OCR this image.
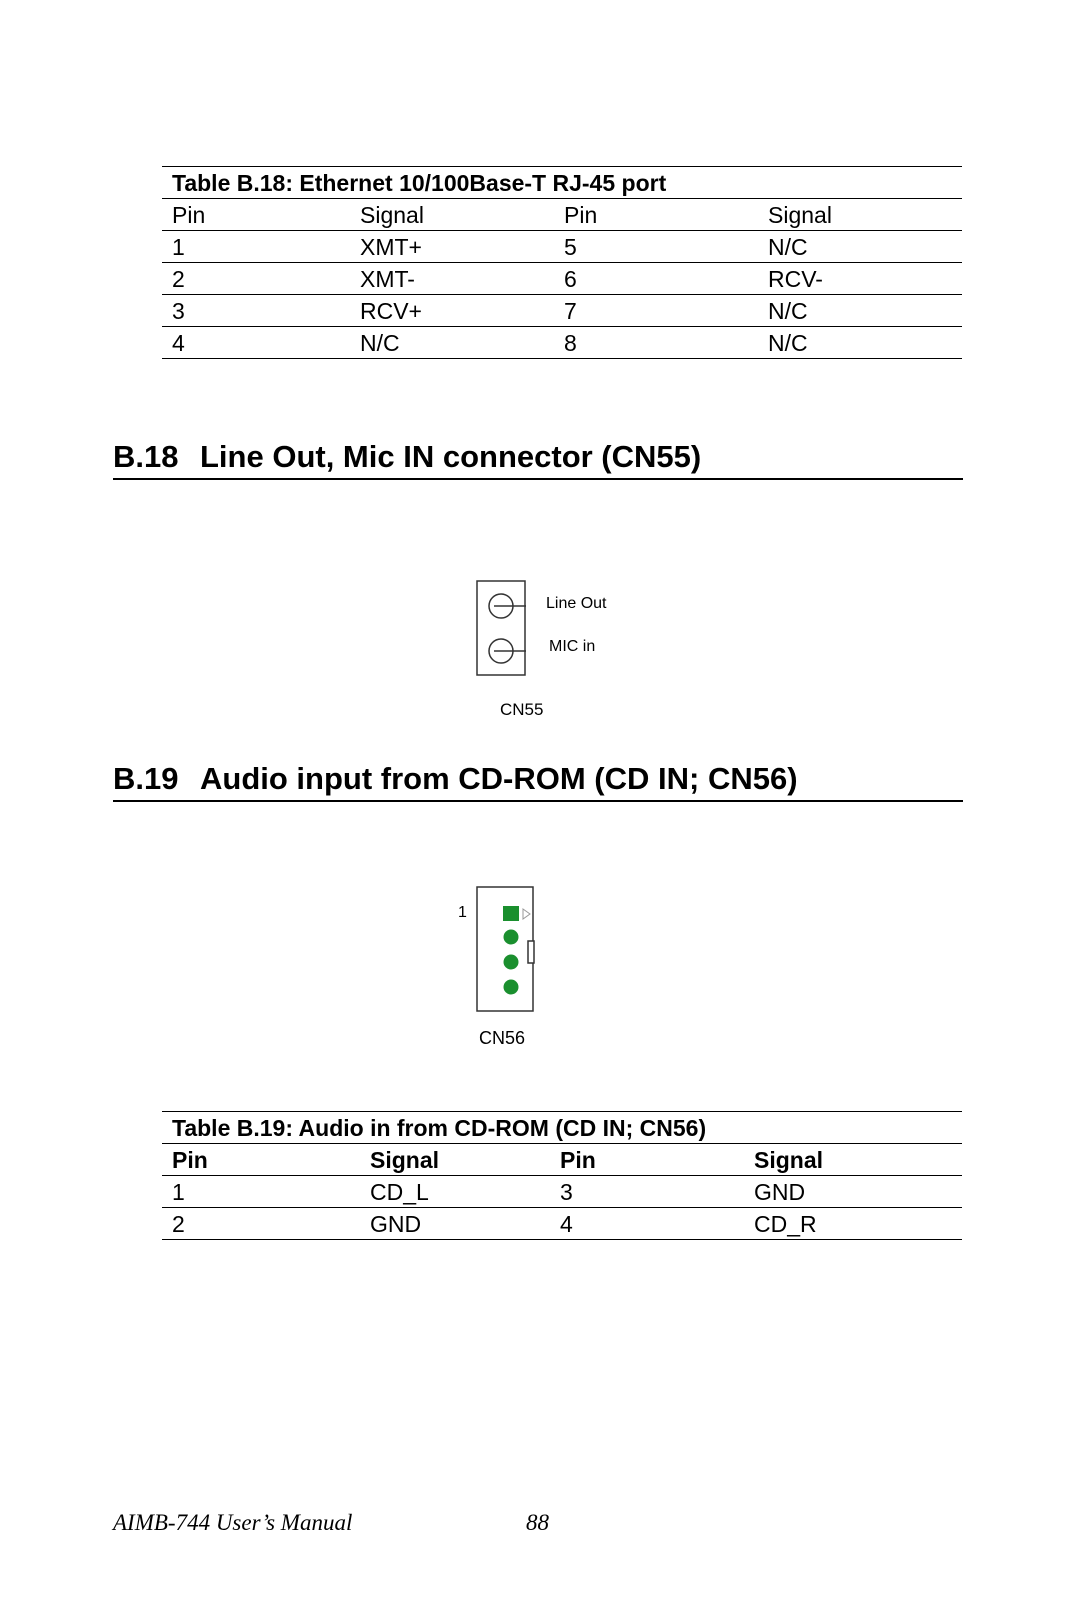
Table B.18: Ethernet 10/100Base-T RJ-45 port			
Pin	Signal	Pin	Signal
1	XMT+	5	N/C
2	XMT-	6	RCV-
3	RCV+	7	N/C
4	N/C	8	N/C
B.18 Line Out, Mic IN connector (CN55)
Line Out
MIC in
CN55
B.19 Audio input from CD-ROM (CD IN; CN56)
1
CN56
Table B.19: Audio in from CD-ROM (CD IN; CN56)			
Pin	Signal	Pin	Signal
1	CD_L	3	GND
2	GND	4	CD_R
AIMB-744 User’s Manual	88
